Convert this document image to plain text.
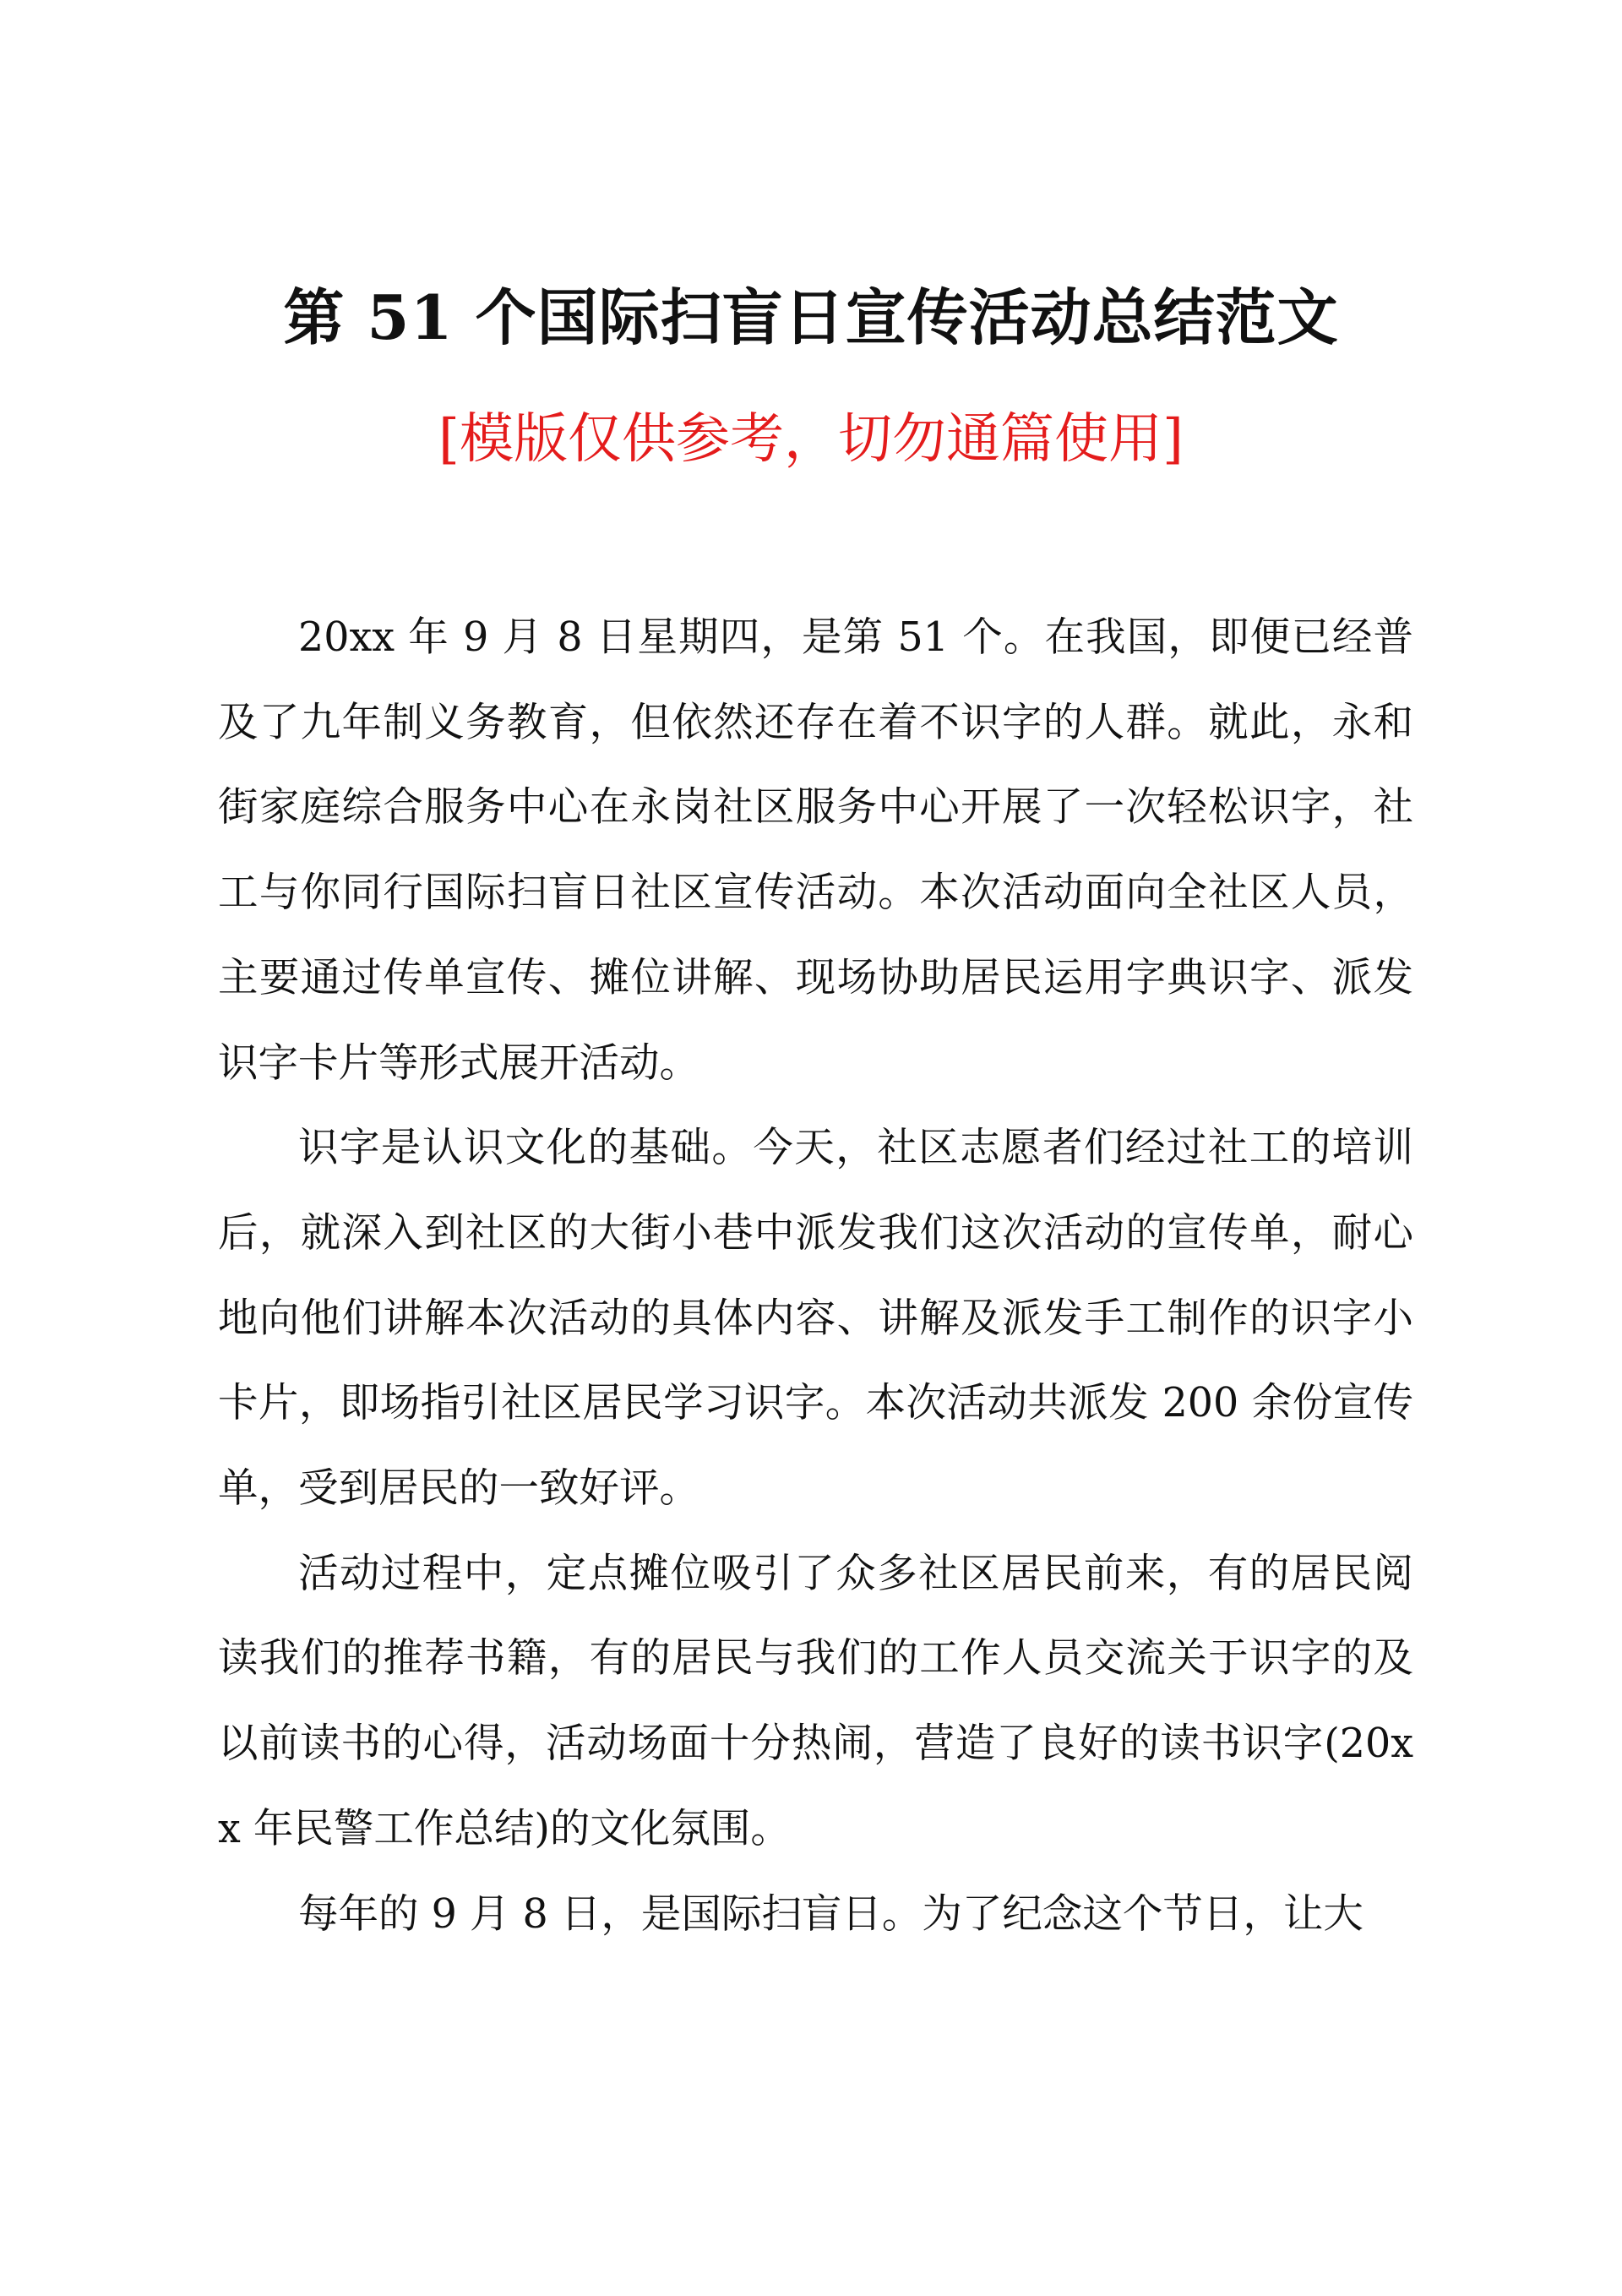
第 51 个国际扫盲日宣传活动总结范文
[模版仅供参考，切勿通篇使用]

20xx 年 9 月 8 日星期四，是第 51 个。在我国，即便已经普及了九年制义务教育，但依然还存在着不识字的人群。就此，永和街家庭综合服务中心在永岗社区服务中心开展了一次轻松识字，社工与你同行国际扫盲日社区宣传活动。本次活动面向全社区人员，主要通过传单宣传、摊位讲解、现场协助居民运用字典识字、派发识字卡片等形式展开活动。

识字是认识文化的基础。今天，社区志愿者们经过社工的培训后，就深入到社区的大街小巷中派发我们这次活动的宣传单，耐心地向他们讲解本次活动的具体内容、讲解及派发手工制作的识字小卡片，即场指引社区居民学习识字。本次活动共派发 200 余份宣传单，受到居民的一致好评。

活动过程中，定点摊位吸引了众多社区居民前来，有的居民阅读我们的推荐书籍，有的居民与我们的工作人员交流关于识字的及以前读书的心得，活动场面十分热闹，营造了良好的读书识字(20xx 年民警工作总结)的文化氛围。

每年的 9 月 8 日，是国际扫盲日。为了纪念这个节日，让大
